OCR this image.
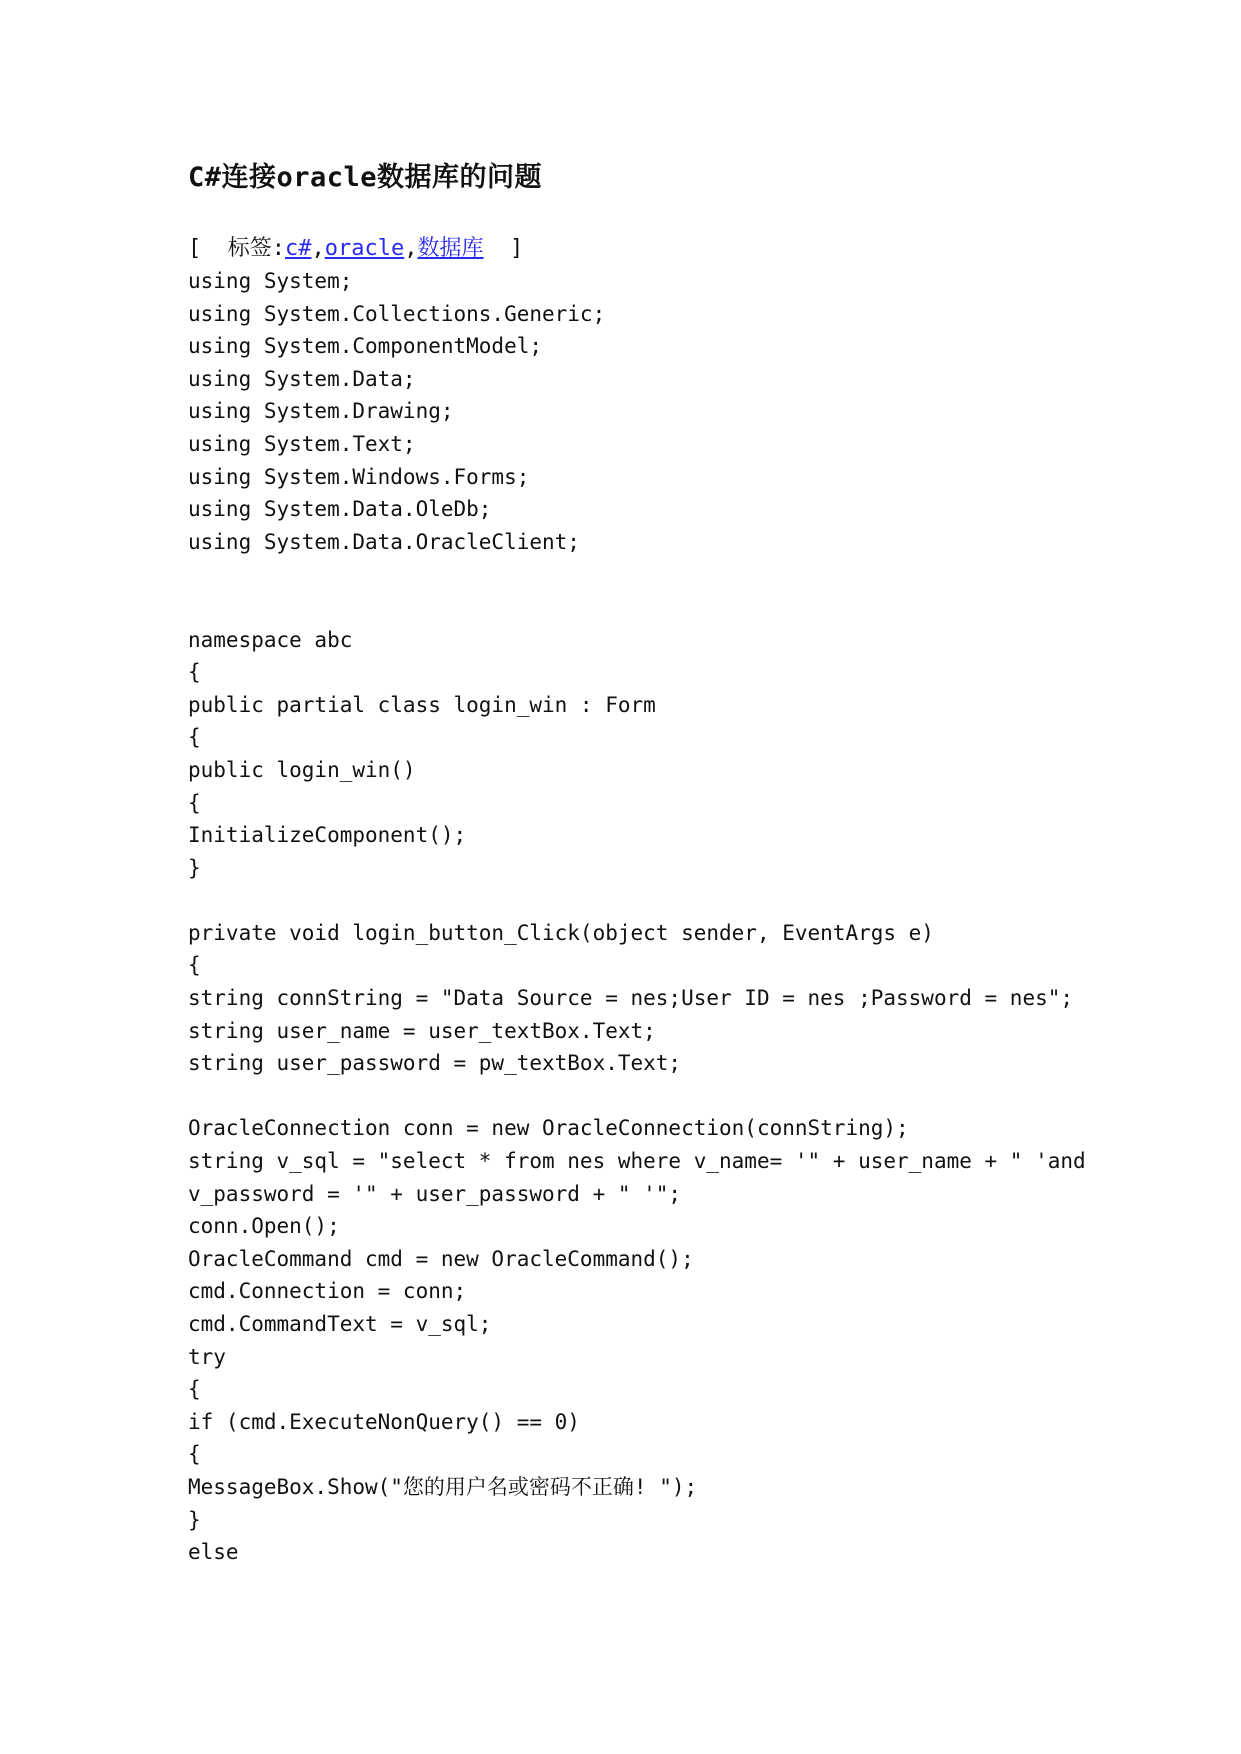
C#连接oracle数据库的问题
[  标签:c#,oracle,数据库  ]
using System;
using System.Collections.Generic;
using System.ComponentModel;
using System.Data;
using System.Drawing;
using System.Text;
using System.Windows.Forms;
using System.Data.OleDb;
using System.Data.OracleClient;
namespace abc
{
public partial class login_win : Form
{
public login_win()
{
InitializeComponent();
}
private void login_button_Click(object sender, EventArgs e)
{
string connString = "Data Source = nes;User ID = nes ;Password = nes";
string user_name = user_textBox.Text;
string user_password = pw_textBox.Text;
OracleConnection conn = new OracleConnection(connString);
string v_sql = "select * from nes where v_name= '" + user_name + " 'and
v_password = '" + user_password + " '";
conn.Open();
OracleCommand cmd = new OracleCommand();
cmd.Connection = conn;
cmd.CommandText = v_sql;
try
{
if (cmd.ExecuteNonQuery() == 0)
{
MessageBox.Show("您的用户名或密码不正确! ");
}
else
